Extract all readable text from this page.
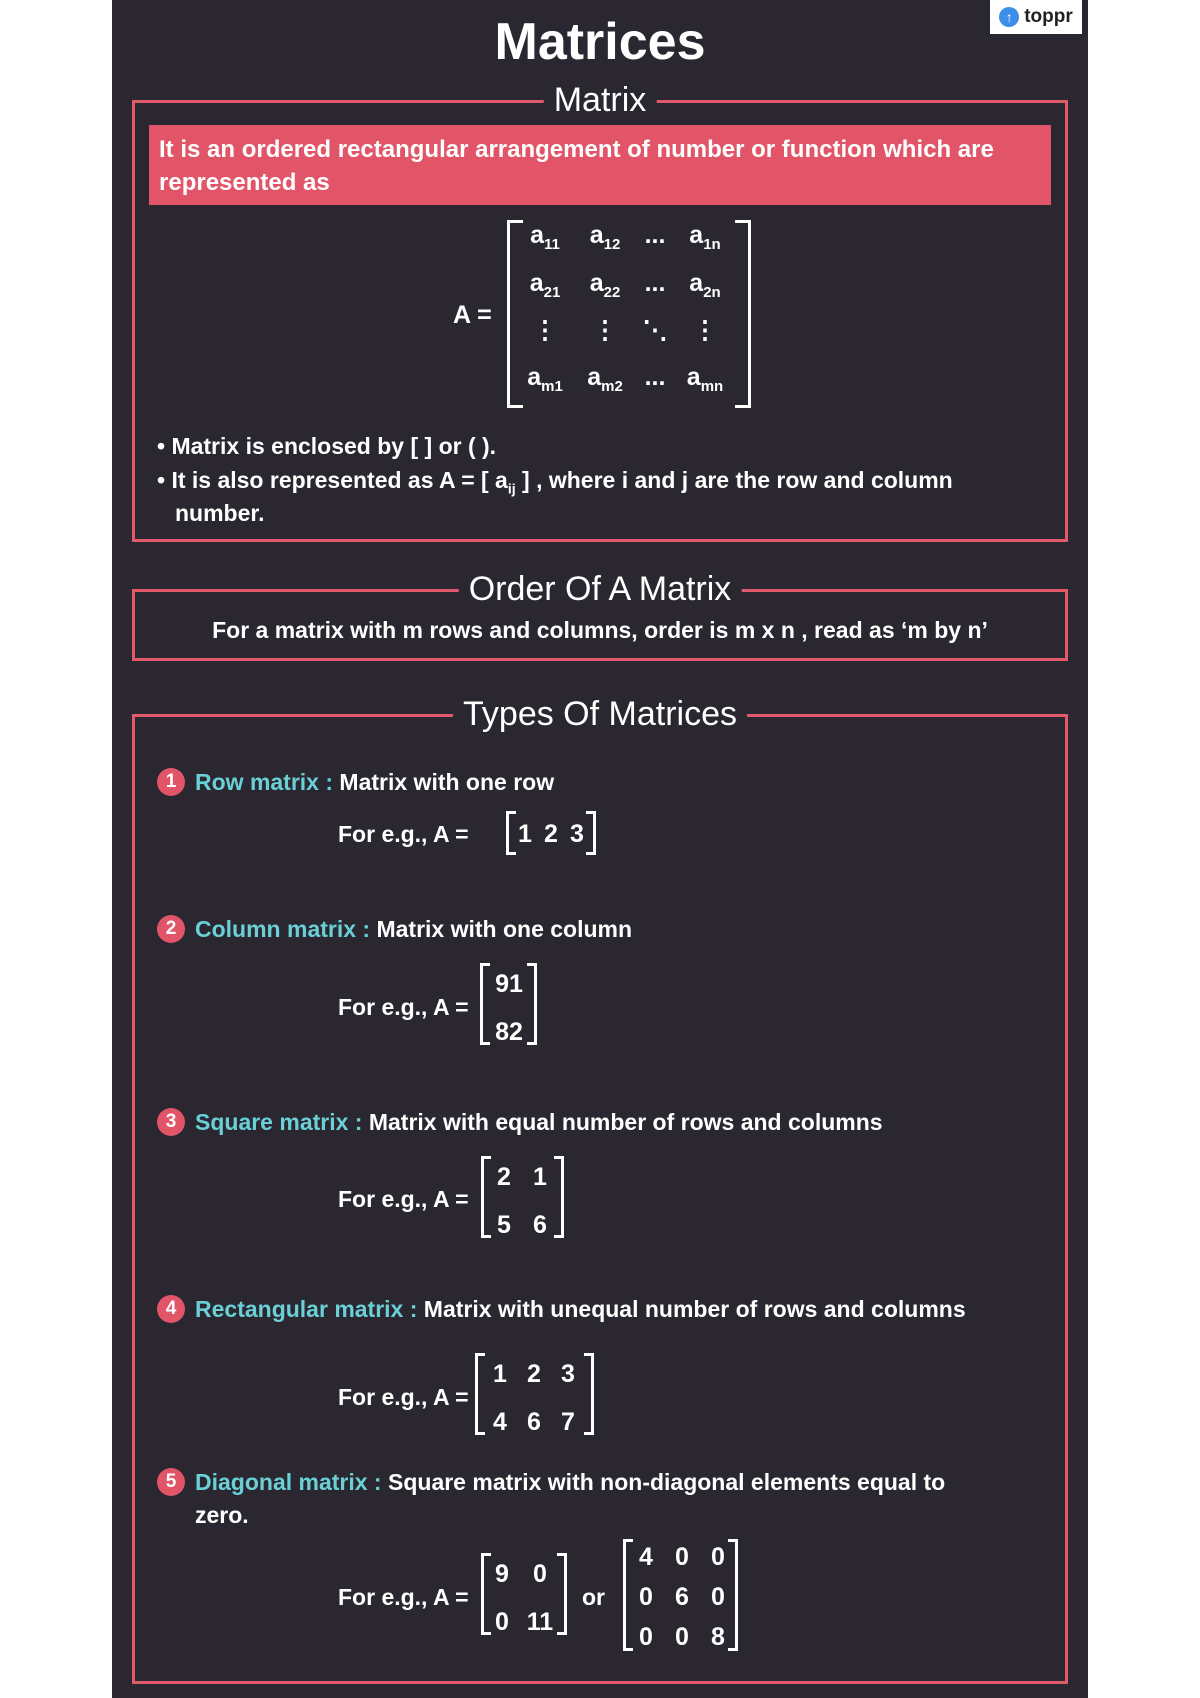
↑ toppr
Matrices
Matrix
It is an ordered rectangular arrangement of number or function which are represented as
A =
$a_{11}$	$a_{12}$ ... $a_{1n}$
$a_{21}$	$a_{22}$ ... $a_{2n}$
⋮	⋮	⋱	⋮
$a_{m1}$ $a_{m2}$ ... $a_{mn}$
• Matrix is enclosed by [ ] or ( ).
• It is also represented as A = [ $a_{ij}$ ] , where i and j are the row and column
number.
Order Of A Matrix
For a matrix with m rows and columns, order is m x n , read as ‘m by n’
Types Of Matrices
1 Row matrix : Matrix with one row
For e.g., A = 1 2 3
2 Column matrix : Matrix with one column
For e.g., A =
91
82
3 Square matrix : Matrix with equal number of rows and columns
For e.g., A =
2 1
5 6
4 Rectangular matrix : Matrix with unequal number of rows and columns
For e.g., A =
1 2 3
4 6 7
5 Diagonal matrix : Square matrix with non-diagonal elements equal to
zero.
For e.g., A =
9 0
0 11
or
4 0 0
0 6 0
0 0 8
